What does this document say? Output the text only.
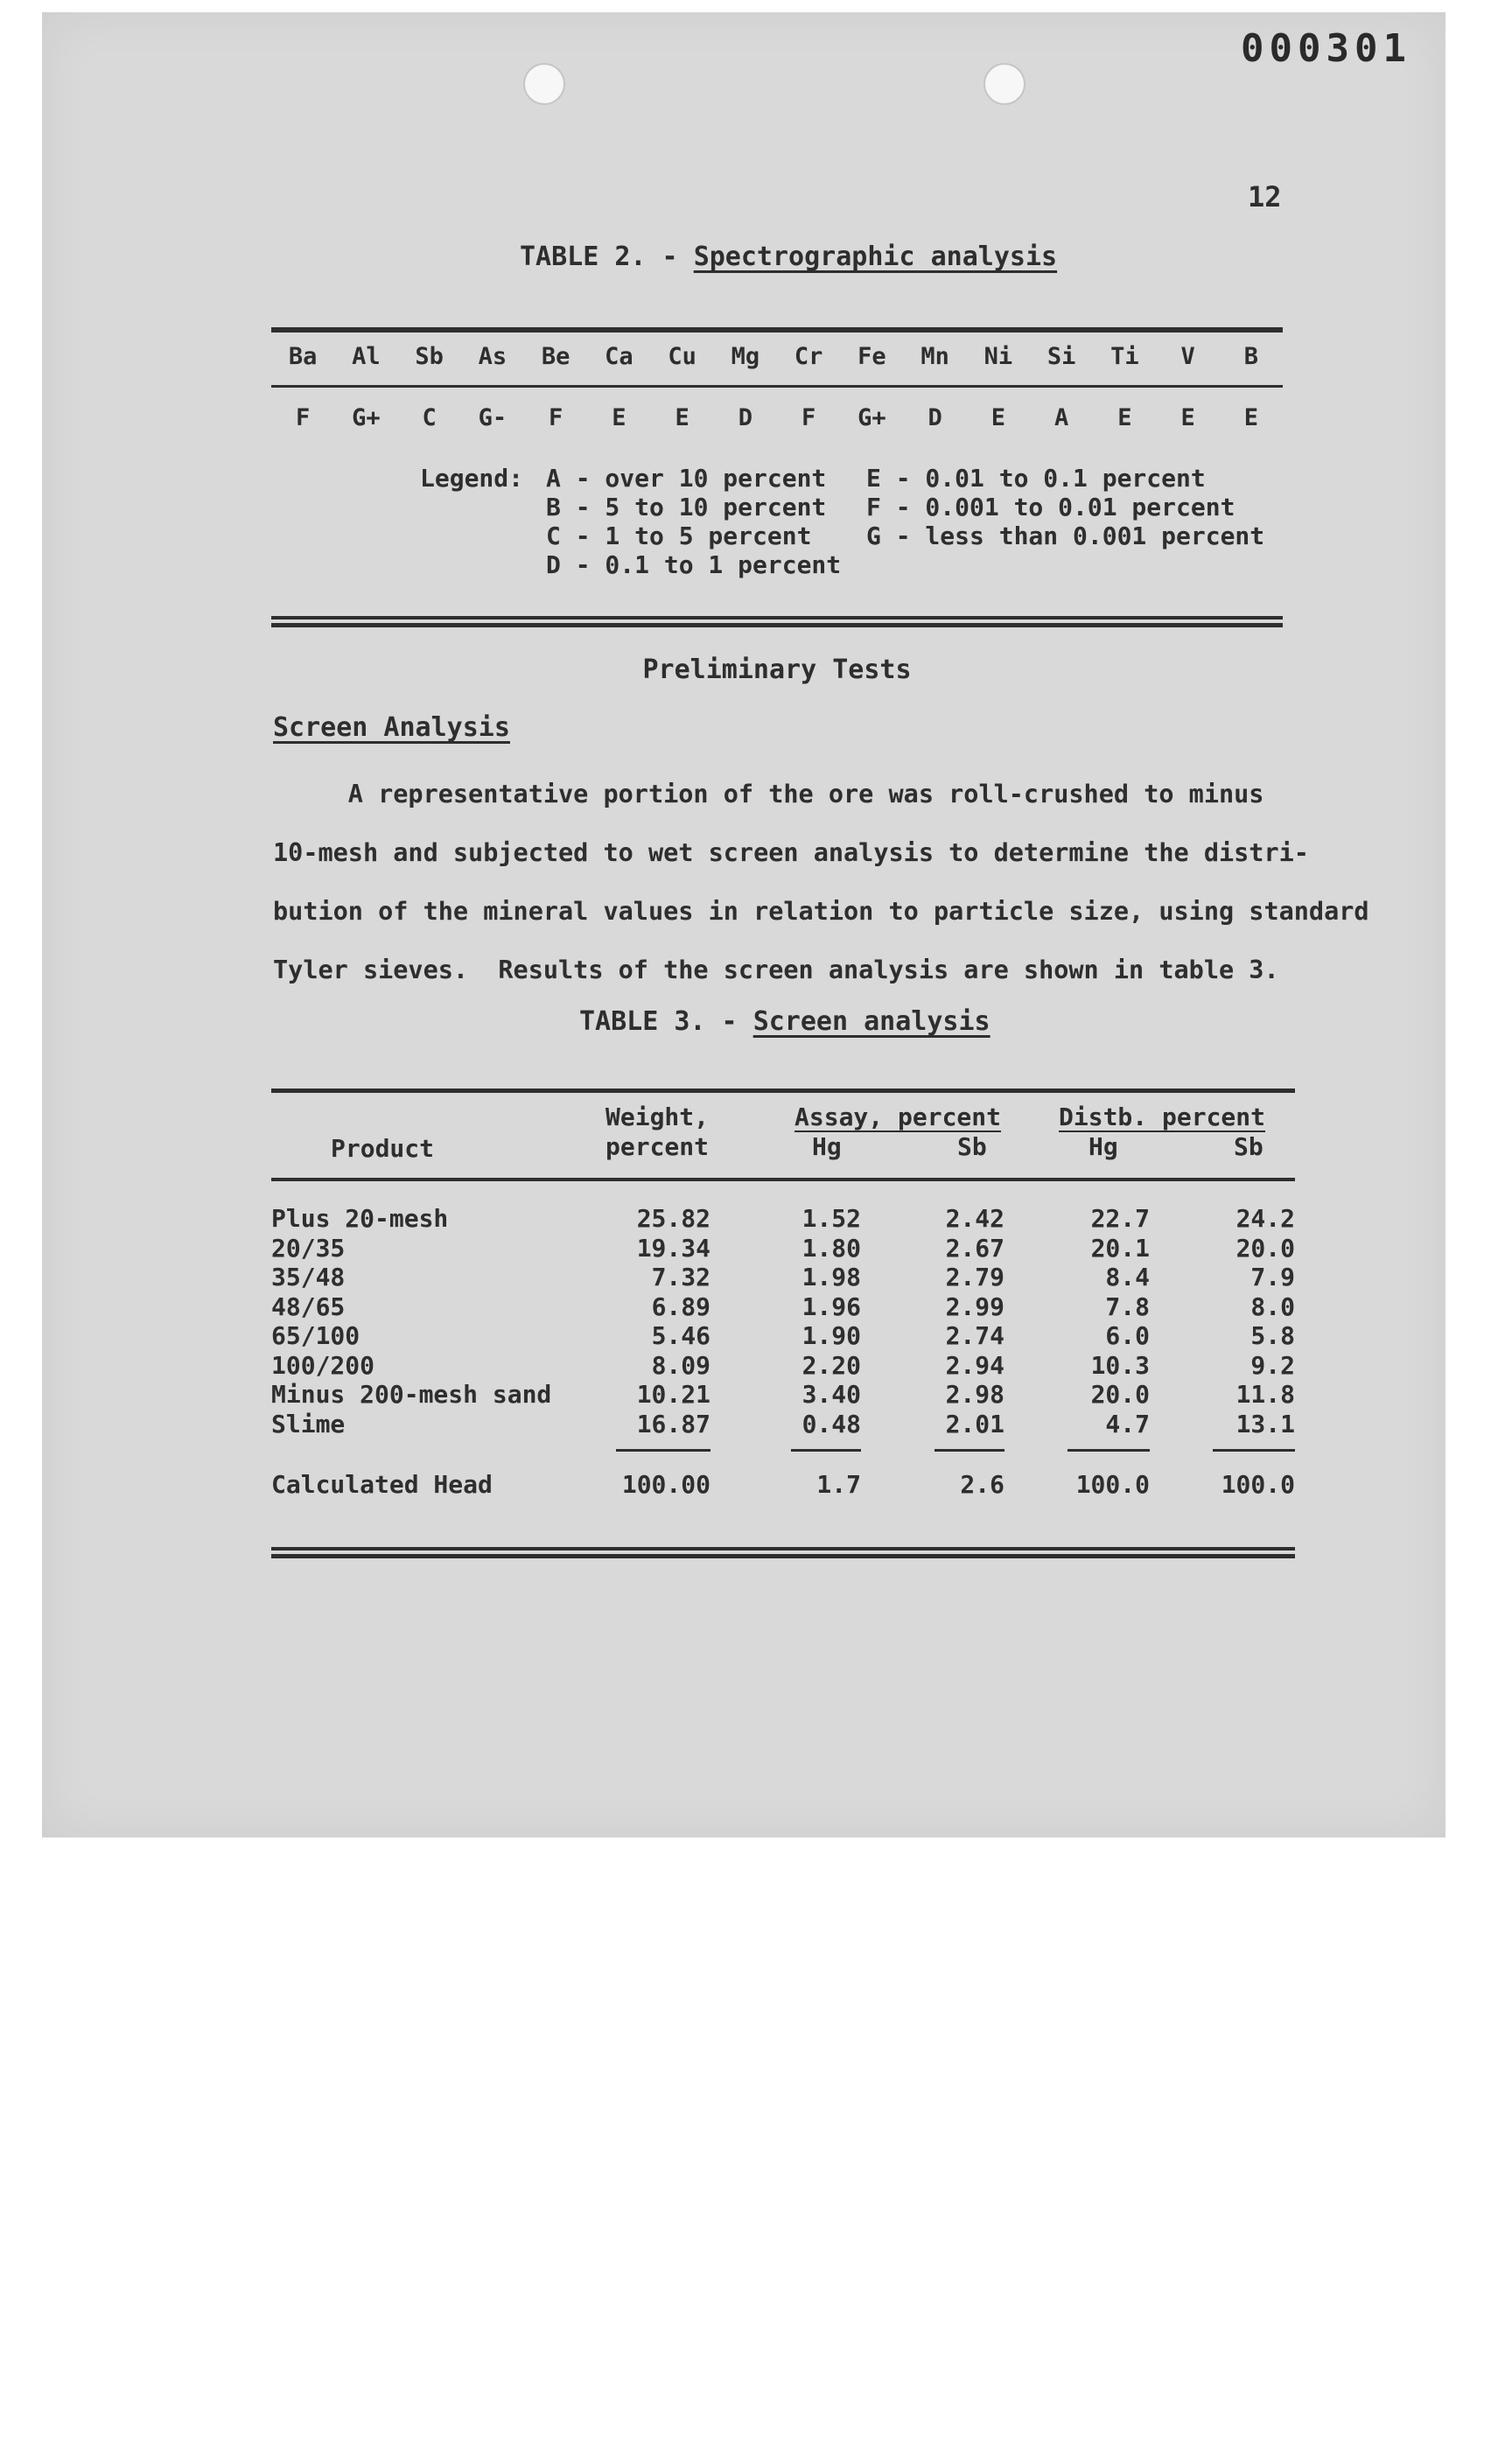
000301
12
TABLE 2. - Spectrographic analysis
Ba	Al	Sb	As	Be	Ca	Cu	Mg	Cr	Fe	Mn	Ni	Si	Ti	V	B
F	G+	C	G-	F	E	E	D	F	G+	D	E	A	E	E	E
Legend: A - over 10 percent
B - 5 to 10 percent
C - 1 to 5 percent
D - 0.1 to 1 percent
E - 0.01 to 0.1 percent
F - 0.001 to 0.01 percent
G - less than 0.001 percent
Preliminary Tests
Screen Analysis
A representative portion of the ore was roll-crushed to minus
10-mesh and subjected to wet screen analysis to determine the distri-
bution of the mineral values in relation to particle size, using standard
Tyler sieves.  Results of the screen analysis are shown in table 3.
TABLE 3. - Screen analysis
Product
Weight,
percent
Assay, percent Distb. percent
Hg	Sb	Hg	Sb
Plus 20-mesh	25.82	1.52	2.42	22.7	24.2
20/35	19.34	1.80	2.67	20.1	20.0
35/48	7.32	1.98	2.79	8.4	7.9
48/65	6.89	1.96	2.99	7.8	8.0
65/100	5.46	1.90	2.74	6.0	5.8
100/200	8.09	2.20	2.94	10.3	9.2
Minus 200-mesh sand	10.21	3.40	2.98	20.0	11.8
Slime	16.87	0.48	2.01	4.7	13.1
Calculated Head	100.00	1.7	2.6	100.0	100.0
